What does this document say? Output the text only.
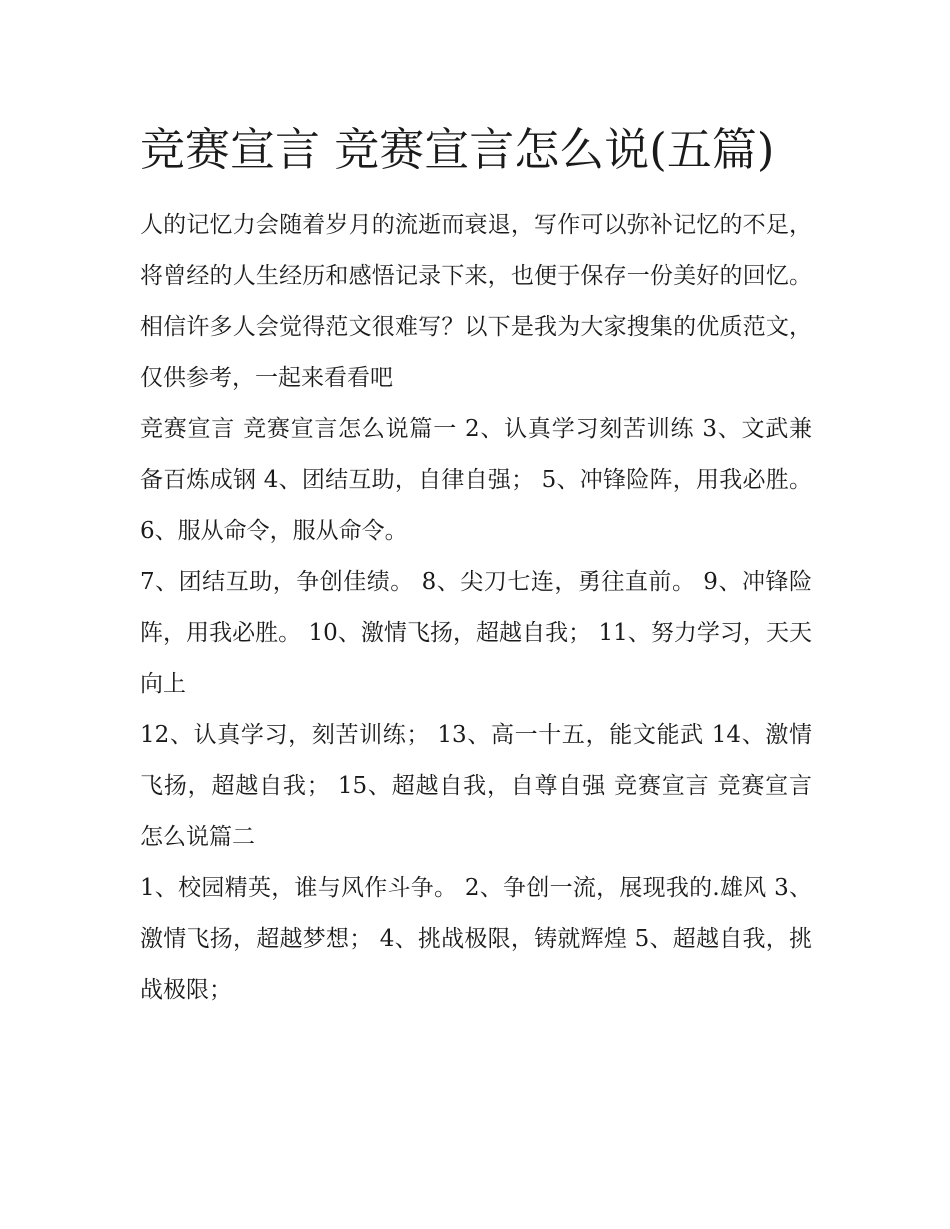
竞赛宣言 竞赛宣言怎么说(五篇)

人的记忆力会随着岁月的流逝而衰退，写作可以弥补记忆的不足，将曾经的人生经历和感悟记录下来，也便于保存一份美好的回忆。相信许多人会觉得范文很难写？以下是我为大家搜集的优质范文，仅供参考，一起来看看吧

竞赛宣言 竞赛宣言怎么说篇一 2、认真学习刻苦训练 3、文武兼备百炼成钢 4、团结互助，自律自强； 5、冲锋险阵，用我必胜。 6、服从命令，服从命令。

7、团结互助，争创佳绩。 8、尖刀七连，勇往直前。 9、冲锋险阵，用我必胜。 10、激情飞扬，超越自我； 11、努力学习，天天向上

12、认真学习，刻苦训练； 13、高一十五，能文能武 14、激情飞扬，超越自我； 15、超越自我，自尊自强 竞赛宣言 竞赛宣言怎么说篇二

1、校园精英，谁与风作斗争。 2、争创一流，展现我的.雄风 3、激情飞扬，超越梦想； 4、挑战极限，铸就辉煌 5、超越自我，挑战极限；
